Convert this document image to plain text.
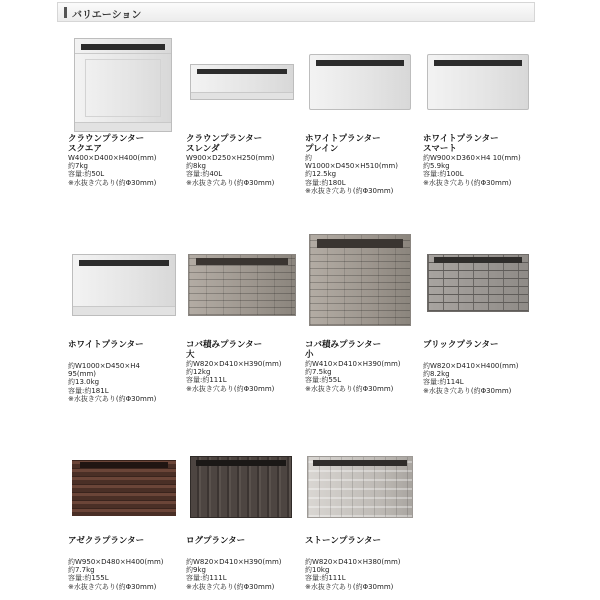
バリエーション
クラウンプランター
スクエア
W400×D400×H400(mm)
約7kg
容量:約50L
※水抜き穴あり(約Φ30mm)
クラウンプランター
スレンダ
W900×D250×H250(mm)
約8kg
容量:約40L
※水抜き穴あり(約Φ30mm)
ホワイトプランター
プレイン
約
W1000×D450×H510(mm)
約12.5kg
容量:約180L
※水抜き穴あり(約Φ30mm)
ホワイトプランター
スマート
約W900×D360×H4 10(mm)
約5.9kg
容量:約100L
※水抜き穴あり(約Φ30mm)
ホワイトプランター
約W1000×D450×H4
95(mm)
約13.0kg
容量:約181L
※水抜き穴あり(約Φ30mm)
コバ積みプランター
大
約W820×D410×H390(mm)
約12kg
容量:約111L
※水抜き穴あり(約Φ30mm)
コバ積みプランター
小
約W410×D410×H390(mm)
約7.5kg
容量:約55L
※水抜き穴あり(約Φ30mm)
ブリックプランター
約W820×D410×H400(mm)
約8.2kg
容量:約114L
※水抜き穴あり(約Φ30mm)
アゼクラプランター
約W950×D480×H400(mm)
約7.7kg
容量:約155L
※水抜き穴あり(約Φ30mm)
ログプランター
約W820×D410×H390(mm)
約9kg
容量:約111L
※水抜き穴あり(約Φ30mm)
ストーンプランター
約W820×D410×H380(mm)
約10kg
容量:約111L
※水抜き穴あり(約Φ30mm)
